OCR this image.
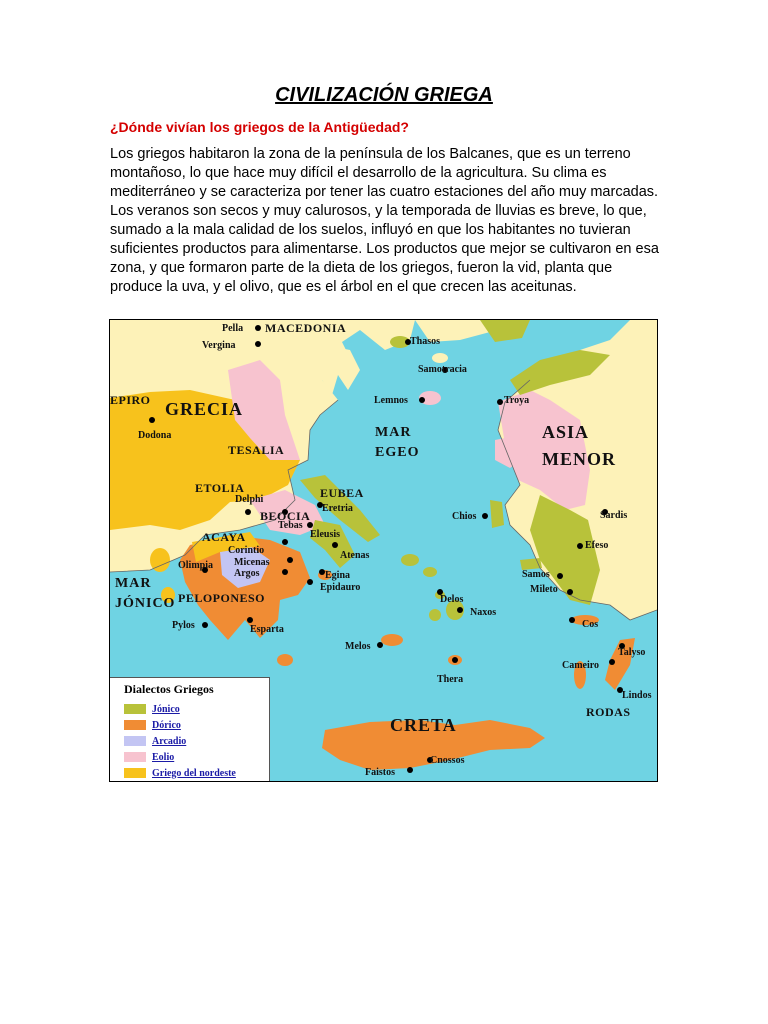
CIVILIZACIÓN GRIEGA
¿Dónde vivían los griegos de la Antigüedad?

Los griegos habitaron la zona de la península de los Balcanes, que es un terreno montañoso, lo que hace muy difícil el desarrollo de la agricultura. Su clima es mediterráneo y se caracteriza por tener las cuatro estaciones del año muy marcadas. Los veranos son secos y muy calurosos, y la temporada de lluvias es breve, lo que, sumado a la mala calidad de los suelos, influyó en que los habitantes no tuvieran suficientes productos para alimentarse. Los productos que mejor se cultivaron en esa zona, y que formaron parte de la dieta de los griegos, fueron la vid, planta que produce la uva, y el olivo, que es el árbol en el que crecen las aceitunas.

Pella MACEDONIA
Vergina
EPIRO GRECIA
Dodona
TESALIA
ETOLIA
Delphi	EUBEA
Eretria
BEOCIA
Tebas
Eleusis
ACAYA
Corintio
Micenas
Argos
Olimpia
Atenas
Egina
Epidauro
MAR
JÓNICO PELOPONESO
Pylos	Esparta
Thasos
Samotracia
Lemnos
MAR
EGEO
Troya
ASIA
MENOR
Chios	Sardis
Efeso
Samos
Mileto
Delos
Naxos
Melos
Thera
Cos
Talyso
Cameiro
Lindos
RODAS
CRETA
Cnossos
Faistos
Dialectos Griegos
Jónico
Dórico
Arcadio
Eolio
Griego del nordeste
